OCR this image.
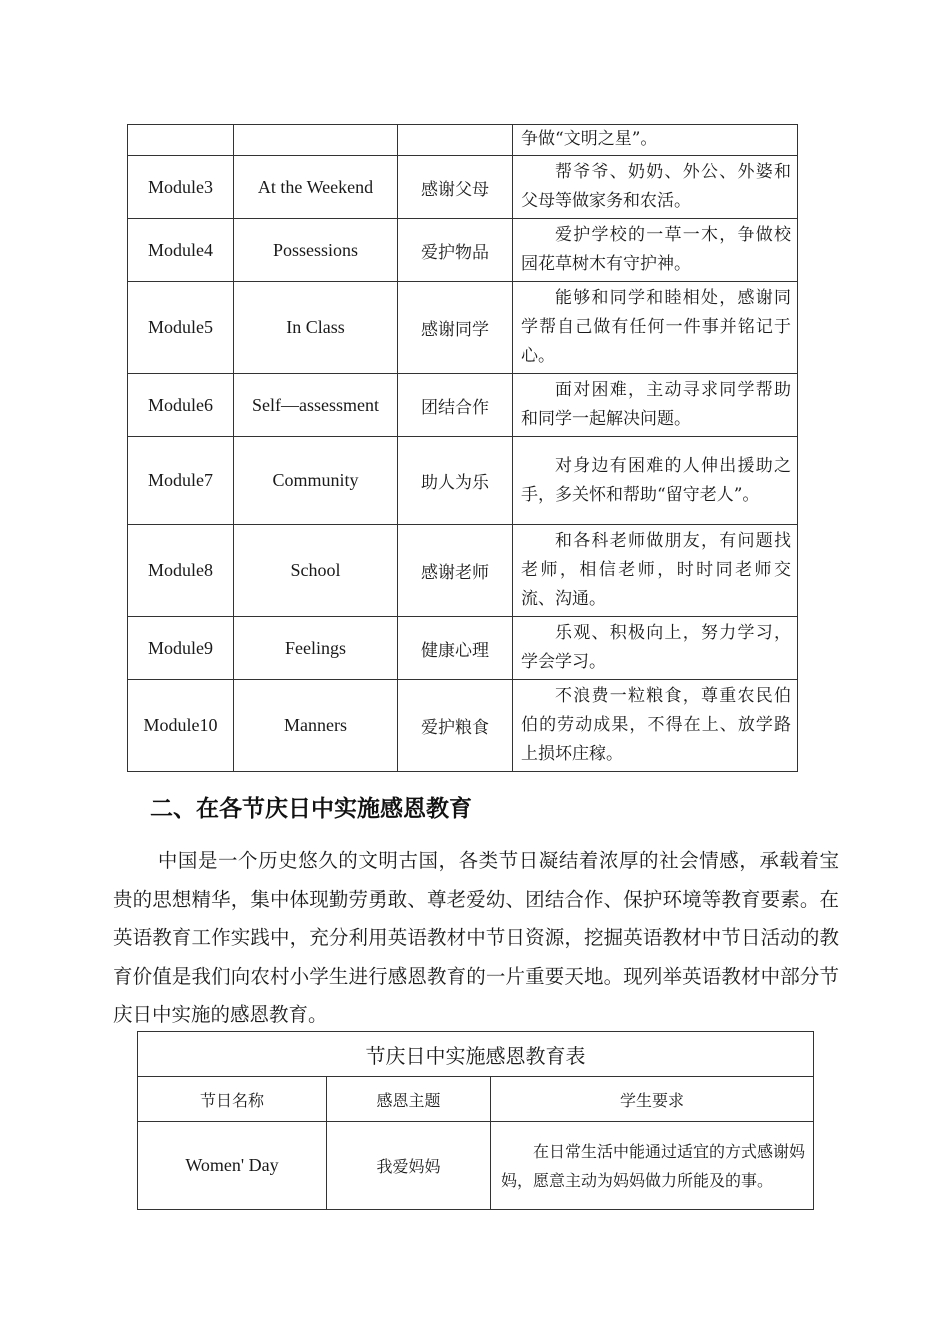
			争做“文明之星”。
Module3	At the Weekend	感谢父母	帮爷爷、奶奶、外公、外婆和父母等做家务和农活。
Module4	Possessions	爱护物品	爱护学校的一草一木，争做校园花草树木有守护神。
Module5	In Class	感谢同学	能够和同学和睦相处，感谢同学帮自己做有任何一件事并铭记于心。
Module6	Self—assessment	团结合作	面对困难，主动寻求同学帮助和同学一起解决问题。
Module7	Community	助人为乐	对身边有困难的人伸出援助之手，多关怀和帮助“留守老人”。
Module8	School	感谢老师	和各科老师做朋友，有问题找老师，相信老师，时时同老师交流、沟通。
Module9	Feelings	健康心理	乐观、积极向上，努力学习，学会学习。
Module10	Manners	爱护粮食	不浪费一粒粮食，尊重农民伯伯的劳动成果，不得在上、放学路上损坏庄稼。
二、在各节庆日中实施感恩教育

中国是一个历史悠久的文明古国，各类节日凝结着浓厚的社会情感，承载着宝贵的思想精华，集中体现勤劳勇敢、尊老爱幼、团结合作、保护环境等教育要素。在英语教育工作实践中，充分利用英语教材中节日资源，挖掘英语教材中节日活动的教育价值是我们向农村小学生进行感恩教育的一片重要天地。现列举英语教材中部分节庆日中实施的感恩教育。

节庆日中实施感恩教育表		
节日名称	感恩主题	学生要求
Women' Day	我爱妈妈	在日常生活中能通过适宜的方式感谢妈妈，愿意主动为妈妈做力所能及的事。
